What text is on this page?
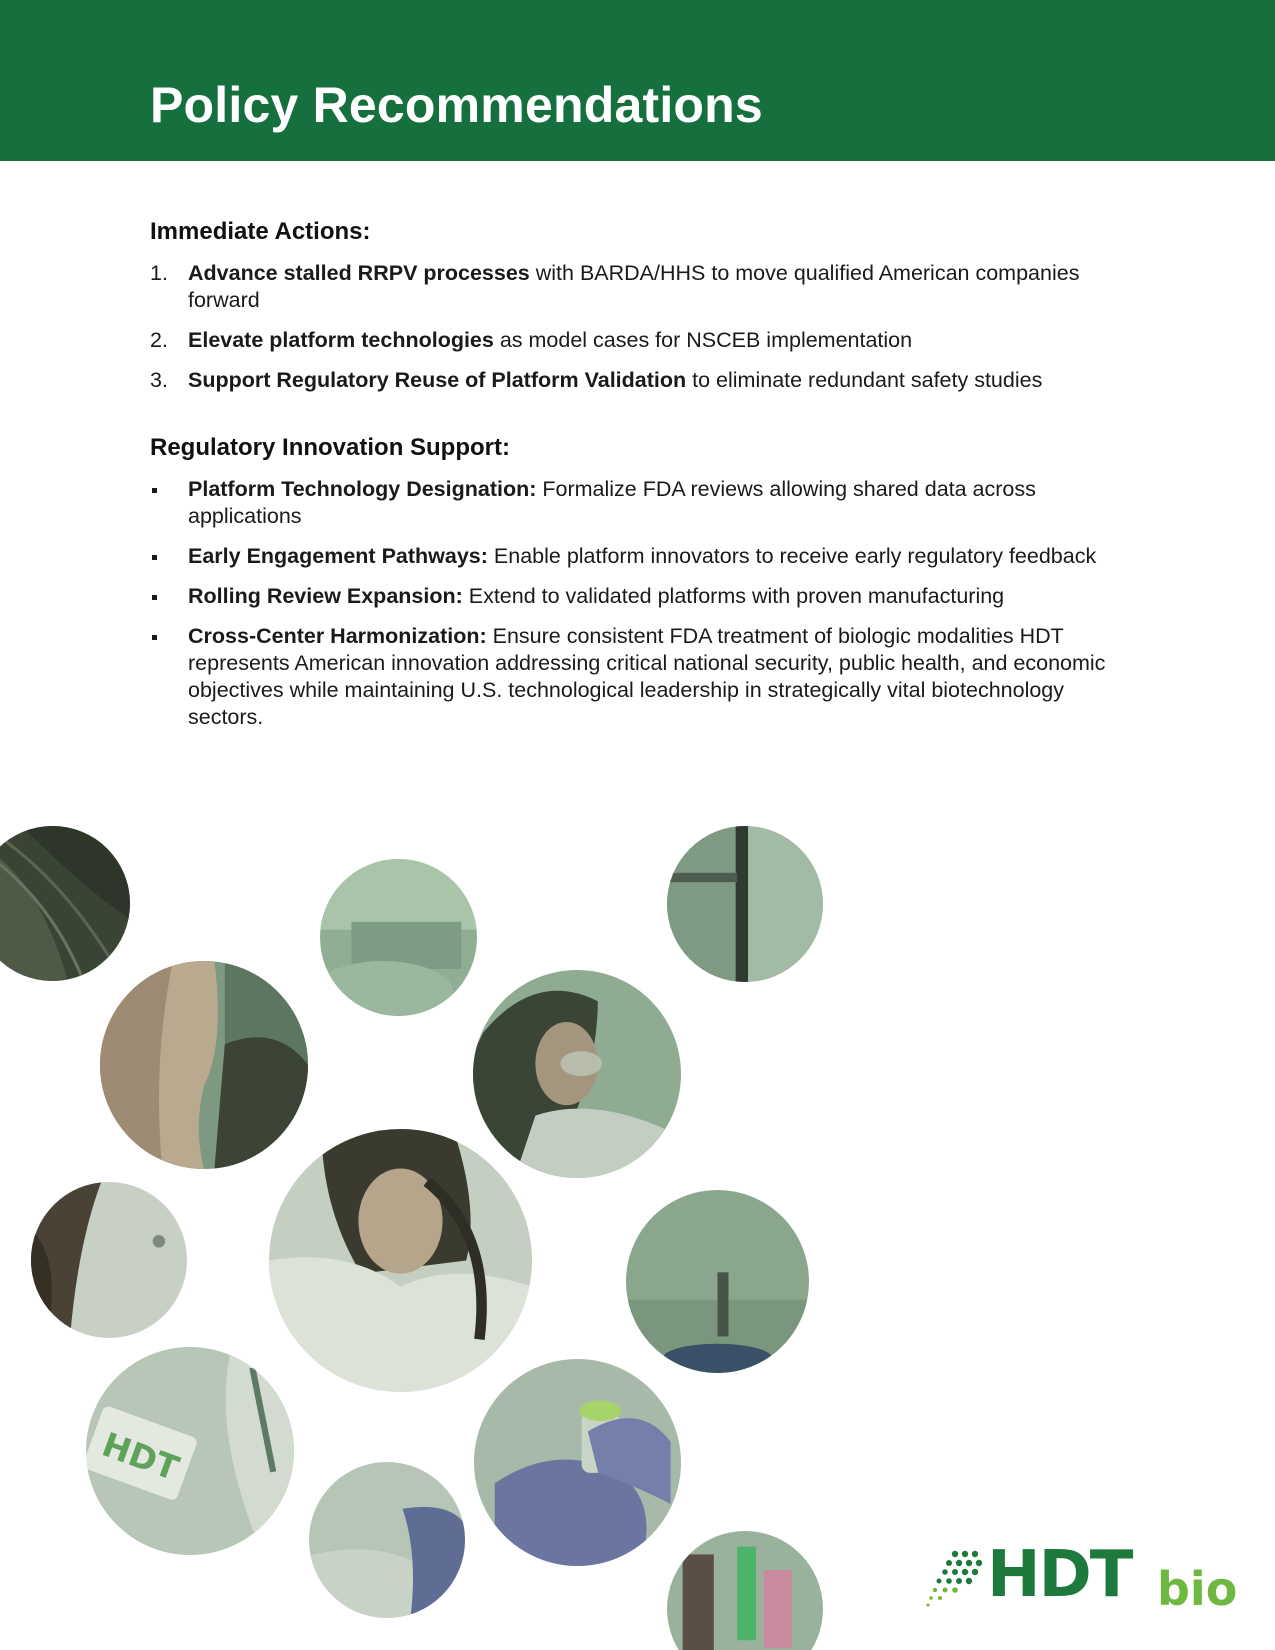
Policy Recommendations
Immediate Actions:
1. Advance stalled RRPV processes with BARDA/HHS to move qualified American companies forward
2. Elevate platform technologies as model cases for NSCEB implementation
3. Support Regulatory Reuse of Platform Validation to eliminate redundant safety studies
Regulatory Innovation Support:
Platform Technology Designation: Formalize FDA reviews allowing shared data across applications
Early Engagement Pathways: Enable platform innovators to receive early regulatory feedback
Rolling Review Expansion: Extend to validated platforms with proven manufacturing
Cross-Center Harmonization: Ensure consistent FDA treatment of biologic modalities HDT represents American innovation addressing critical national security, public health, and economic objectives while maintaining U.S. technological leadership in strategically vital biotechnology sectors.
HDT
HDT bio
